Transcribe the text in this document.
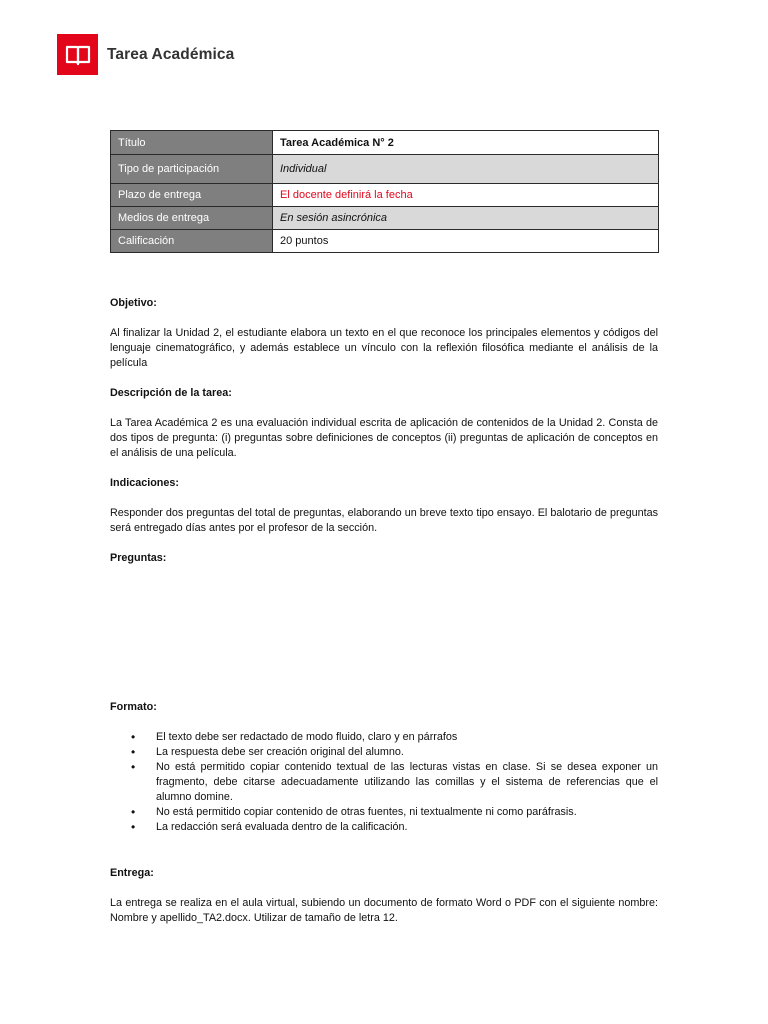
Tarea Académica
Título	Tarea Académica N° 2
Tipo de participación	Individual
Plazo de entrega	El docente definirá la fecha
Medios de entrega	En sesión asincrónica
Calificación	20 puntos
Objetivo:

Al finalizar la Unidad 2, el estudiante elabora un texto en el que reconoce los principales elementos y códigos del lenguaje cinematográfico, y además establece un vínculo con la reflexión filosófica mediante el análisis de la película

Descripción de la tarea:

La Tarea Académica 2 es una evaluación individual escrita de aplicación de contenidos de la Unidad 2. Consta de dos tipos de pregunta: (i) preguntas sobre definiciones de conceptos (ii) preguntas de aplicación de conceptos en el análisis de una película.

Indicaciones:

Responder dos preguntas del total de preguntas, elaborando un breve texto tipo ensayo. El balotario de preguntas será entregado días antes por el profesor de la sección.

Preguntas:
Formato:
• El texto debe ser redactado de modo fluido, claro y en párrafos
• La respuesta debe ser creación original del alumno.
• No está permitido copiar contenido textual de las lecturas vistas en clase. Si se desea exponer un fragmento, debe citarse adecuadamente utilizando las comillas y el sistema de referencias que el alumno domine.
• No está permitido copiar contenido de otras fuentes, ni textualmente ni como paráfrasis.
• La redacción será evaluada dentro de la calificación.
Entrega:

La entrega se realiza en el aula virtual, subiendo un documento de formato Word o PDF con el siguiente nombre: Nombre y apellido_TA2.docx. Utilizar de tamaño de letra 12.
